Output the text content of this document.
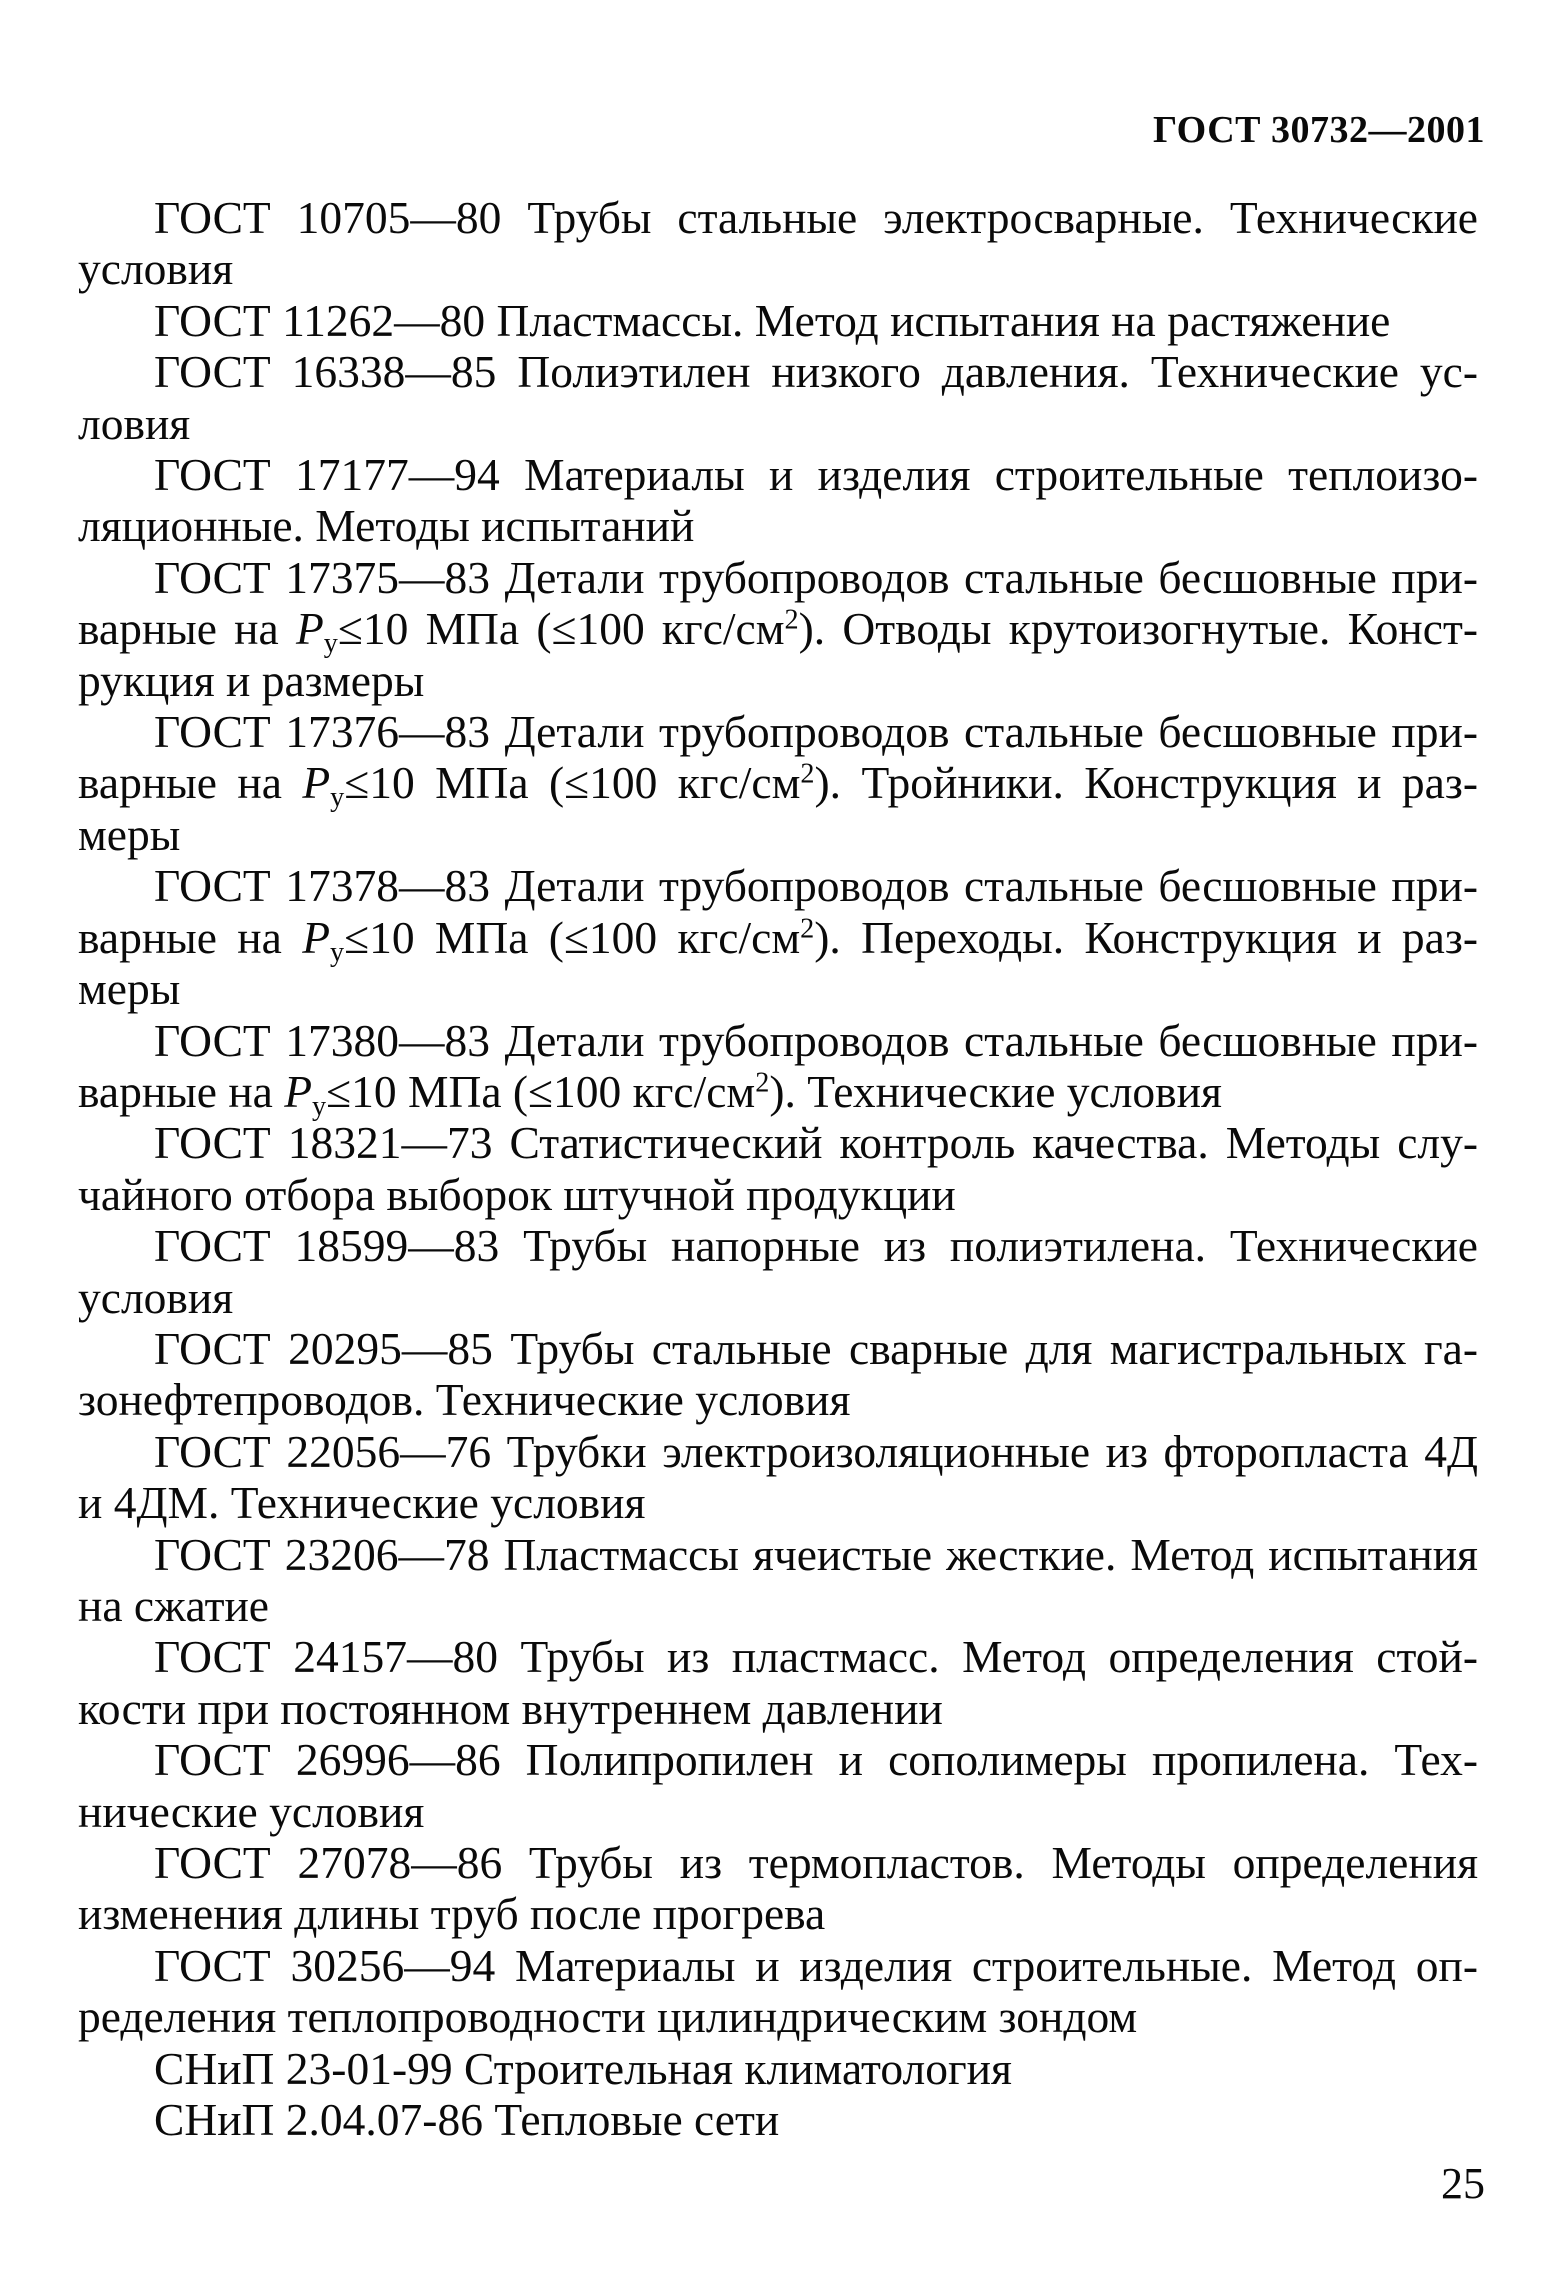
ГОСТ 30732—2001

ГОСТ 10705—80 Трубы стальные электросварные. Технические условия

ГОСТ 11262—80 Пластмассы. Метод испытания на растяжение

ГОСТ 16338—85 Полиэтилен низкого давления. Технические условия

ГОСТ 17177—94 Материалы и изделия строительные теплоизоляционные. Методы испытаний

ГОСТ 17375—83 Детали трубопроводов стальные бесшовные приварные на $P_y\le 10$ МПа (≤100 кгс/$см^2$). Отводы крутоизогнутые. Конструкция и размеры

ГОСТ 17376—83 Детали трубопроводов стальные бесшовные приварные на $P_y\le 10$ МПа (≤100 кгс/$см^2$). Тройники. Конструкция и размеры

ГОСТ 17378—83 Детали трубопроводов стальные бесшовные приварные на $P_y\le 10$ МПа (≤100 кгс/$см^2$). Переходы. Конструкция и размеры

ГОСТ 17380—83 Детали трубопроводов стальные бесшовные приварные на $P_y\le 10$ МПа (≤100 кгс/$см^2$). Технические условия

ГОСТ 18321—73 Статистический контроль качества. Методы случайного отбора выборок штучной продукции

ГОСТ 18599—83 Трубы напорные из полиэтилена. Технические условия

ГОСТ 20295—85 Трубы стальные сварные для магистральных газонефтепроводов. Технические условия

ГОСТ 22056—76 Трубки электроизоляционные из фторопласта 4Д и 4ДМ. Технические условия

ГОСТ 23206—78 Пластмассы ячеистые жесткие. Метод испытания на сжатие

ГОСТ 24157—80 Трубы из пластмасс. Метод определения стойкости при постоянном внутреннем давлении

ГОСТ 26996—86 Полипропилен и сополимеры пропилена. Технические условия

ГОСТ 27078—86 Трубы из термопластов. Методы определения изменения длины труб после прогрева

ГОСТ 30256—94 Материалы и изделия строительные. Метод определения теплопроводности цилиндрическим зондом

СНиП 23-01-99 Строительная климатология

СНиП 2.04.07-86 Тепловые сети

25
